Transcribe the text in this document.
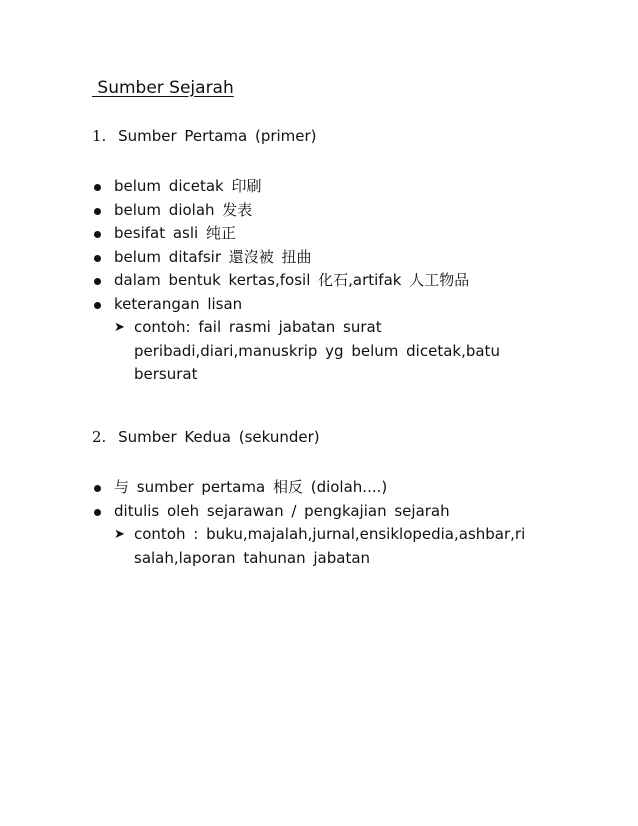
Sumber Sejarah
1. Sumber Pertama (primer)
belum dicetak 印刷
belum diolah 发表
besifat asli 纯正
belum ditafsir 還沒被 扭曲
dalam bentuk kertas,fosil 化石,artifak 人工物品
keterangan lisan
➤ contoh: fail rasmi jabatan surat
peribadi,diari,manuskrip yg belum dicetak,batu
bersurat
2. Sumber Kedua (sekunder)
与 sumber pertama 相反 (diolah....)
ditulis oleh sejarawan / pengkajian sejarah
➤ contoh : buku,majalah,jurnal,ensiklopedia,ashbar,ri
salah,laporan tahunan jabatan
